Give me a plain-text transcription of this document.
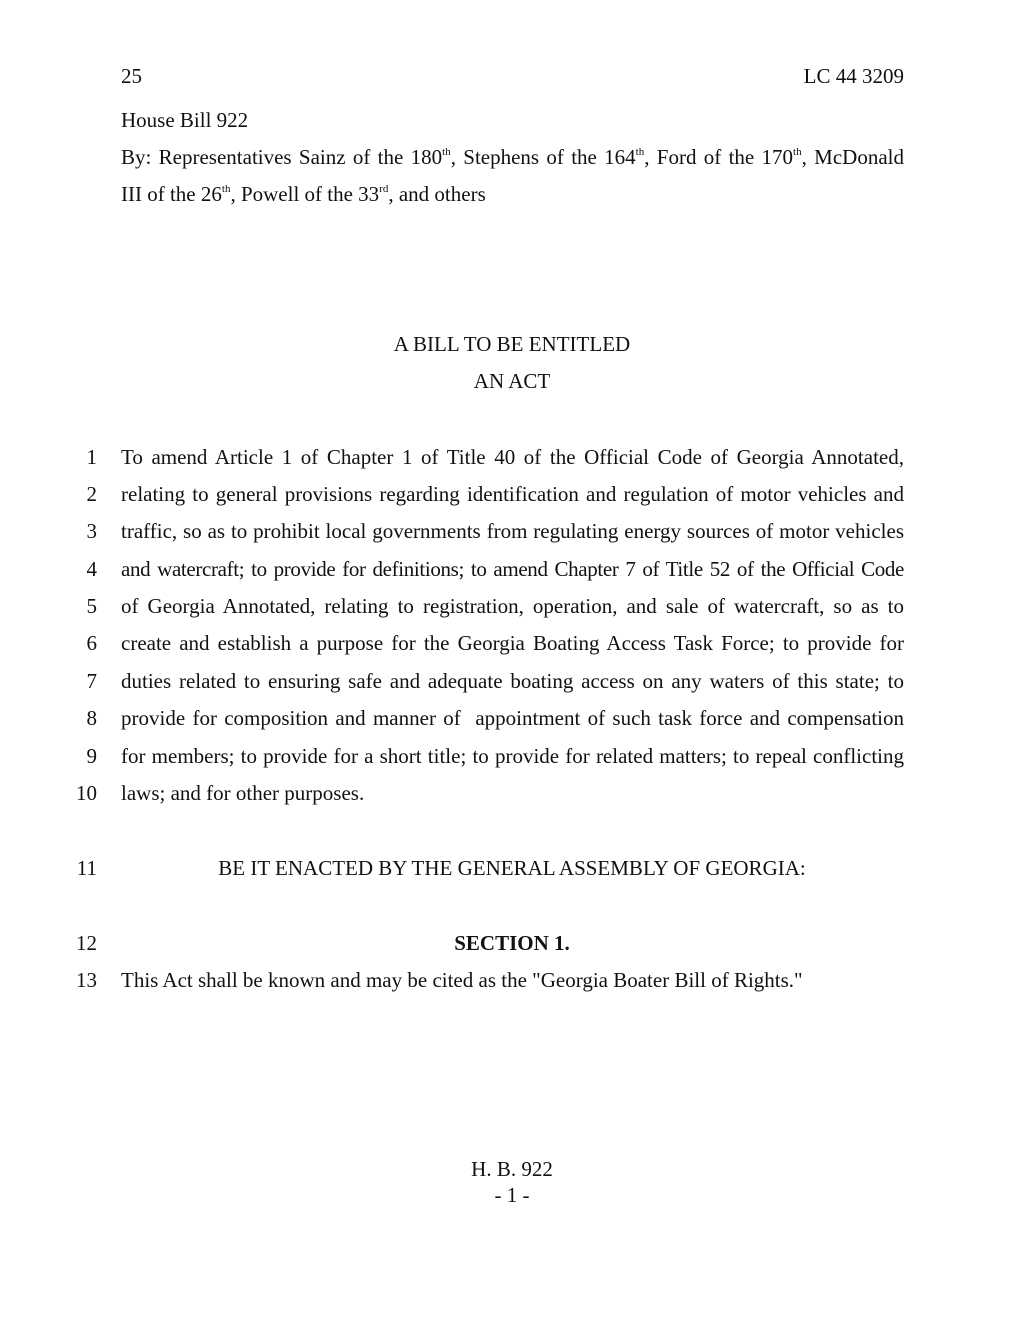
25	LC 44 3209
House Bill 922
By: Representatives Sainz of the 180th, Stephens of the 164th, Ford of the 170th, McDonald
III of the 26th, Powell of the 33rd, and others
A BILL TO BE ENTITLED
AN ACT
1 To amend Article 1 of Chapter 1 of Title 40 of the Official Code of Georgia Annotated,
2 relating to general provisions regarding identification and regulation of motor vehicles and
3 traffic, so as to prohibit local governments from regulating energy sources of motor vehicles
4 and watercraft; to provide for definitions; to amend Chapter 7 of Title 52 of the Official Code
5 of Georgia Annotated, relating to registration, operation, and sale of watercraft, so as to
6 create and establish a purpose for the Georgia Boating Access Task Force; to provide for
7 duties related to ensuring safe and adequate boating access on any waters of this state; to
8 provide for composition and manner of  appointment of such task force and compensation
9 for members; to provide for a short title; to provide for related matters; to repeal conflicting
10 laws; and for other purposes.
11	BE IT ENACTED BY THE GENERAL ASSEMBLY OF GEORGIA:
12	SECTION 1.
13 This Act shall be known and may be cited as the "Georgia Boater Bill of Rights."
H. B. 922
- 1 -
